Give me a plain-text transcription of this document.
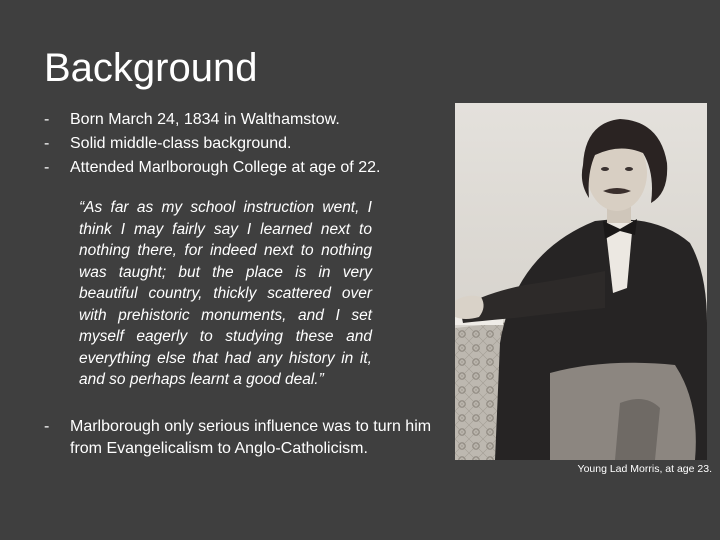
Background
- Born March 24, 1834 in Walthamstow.
- Solid middle-class background.
- Attended Marlborough College at age of 22.

“As far as my school instruction went, I think I may fairly say I learned next to nothing there, for indeed next to nothing was taught; but the place is in very beautiful country, thickly scattered over with prehistoric monuments, and I set myself eagerly to studying these and everything else that had any history in it, and so perhaps learnt a good deal.”

- Marlborough only serious influence was to turn him from Evangelicalism to Anglo-Catholicism.
Young Lad Morris, at age 23.
